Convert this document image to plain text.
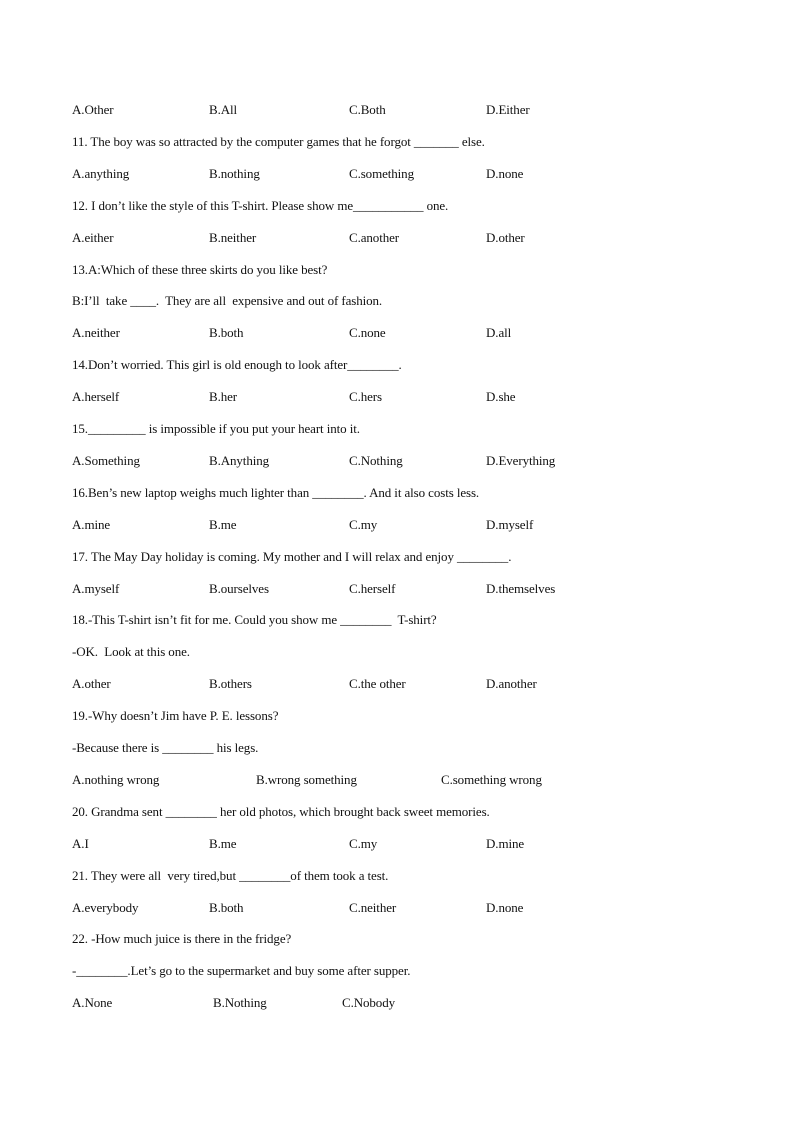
A.Other	B.All	C.Both	D.Either
11. The boy was so attracted by the computer games that he forgot _______ else.
A.anything	B.nothing	C.something	D.none
12. I don’t like the style of this T-shirt. Please show me___________ one.
A.either	B.neither	C.another	D.other
13.A:Which of these three skirts do you like best?
B:I’ll  take ____.  They are all  expensive and out of fashion.
A.neither	B.both	C.none	D.all
14.Don’t worried. This girl is old enough to look after________.
A.herself	B.her	C.hers	D.she
15._________ is impossible if you put your heart into it.
A.Something	B.Anything	C.Nothing	D.Everything
16.Ben’s new laptop weighs much lighter than ________. And it also costs less.
A.mine	B.me	C.my	D.myself
17. The May Day holiday is coming. My mother and I will relax and enjoy ________.
A.myself	B.ourselves	C.herself	D.themselves
18.-This T-shirt isn’t fit for me. Could you show me ________  T-shirt?
-OK.  Look at this one.
A.other	B.others	C.the other	D.another
19.-Why doesn’t Jim have P. E. lessons?
-Because there is ________ his legs.
A.nothing wrong	B.wrong something	C.something wrong
20. Grandma sent ________ her old photos, which brought back sweet memories.
A.I	B.me	C.my	D.mine
21. They were all  very tired,but ________of them took a test.
A.everybody	B.both	C.neither	D.none
22. -How much juice is there in the fridge?
-________.Let’s go to the supermarket and buy some after supper.
A.None	B.Nothing	C.Nobody
